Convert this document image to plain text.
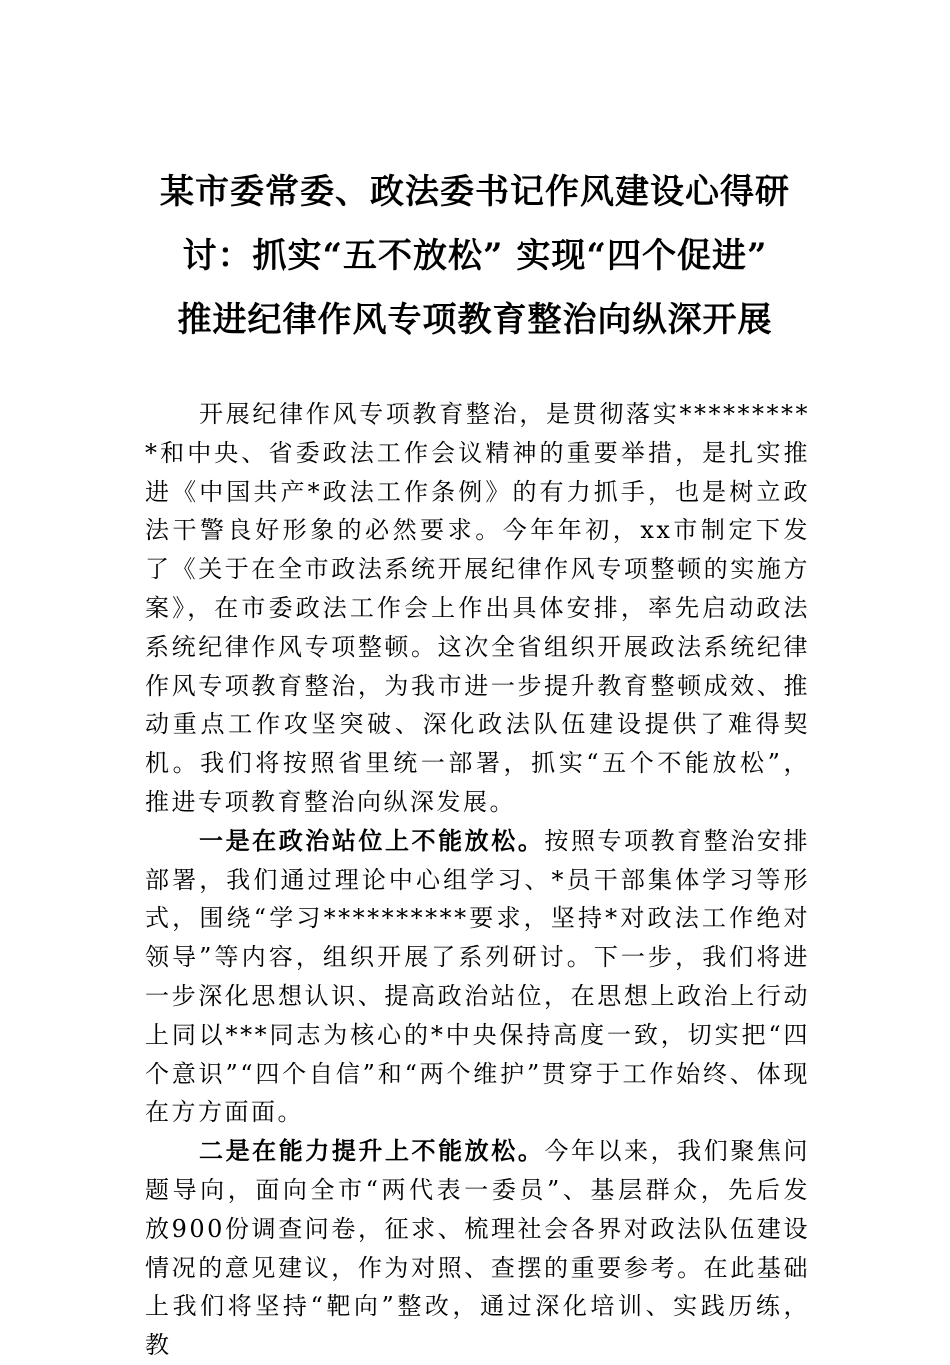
某市委常委、政法委书记作风建设心得研
讨：抓实“五不放松” 实现“四个促进”
推进纪律作风专项教育整治向纵深开展

开展纪律作风专项教育整治，是贯彻落实**********和中央、省委政法工作会议精神的重要举措，是扎实推进《中国共产*政法工作条例》的有力抓手，也是树立政法干警良好形象的必然要求。今年年初，xx市制定下发了《关于在全市政法系统开展纪律作风专项整顿的实施方案》，在市委政法工作会上作出具体安排，率先启动政法系统纪律作风专项整顿。这次全省组织开展政法系统纪律作风专项教育整治，为我市进一步提升教育整顿成效、推动重点工作攻坚突破、深化政法队伍建设提供了难得契机。我们将按照省里统一部署，抓实“五个不能放松”，推进专项教育整治向纵深发展。

一是在政治站位上不能放松。按照专项教育整治安排部署，我们通过理论中心组学习、*员干部集体学习等形式，围绕“学习**********要求，坚持*对政法工作绝对领导”等内容，组织开展了系列研讨。下一步，我们将进一步深化思想认识、提高政治站位，在思想上政治上行动上同以***同志为核心的*中央保持高度一致，切实把“四个意识”“四个自信”和“两个维护”贯穿于工作始终、体现在方方面面。

二是在能力提升上不能放松。今年以来，我们聚焦问题导向，面向全市“两代表一委员”、基层群众，先后发放900份调查问卷，征求、梳理社会各界对政法队伍建设情况的意见建议，作为对照、查摆的重要参考。在此基础上我们将坚持“靶向”整改，通过深化培训、实践历练，教
